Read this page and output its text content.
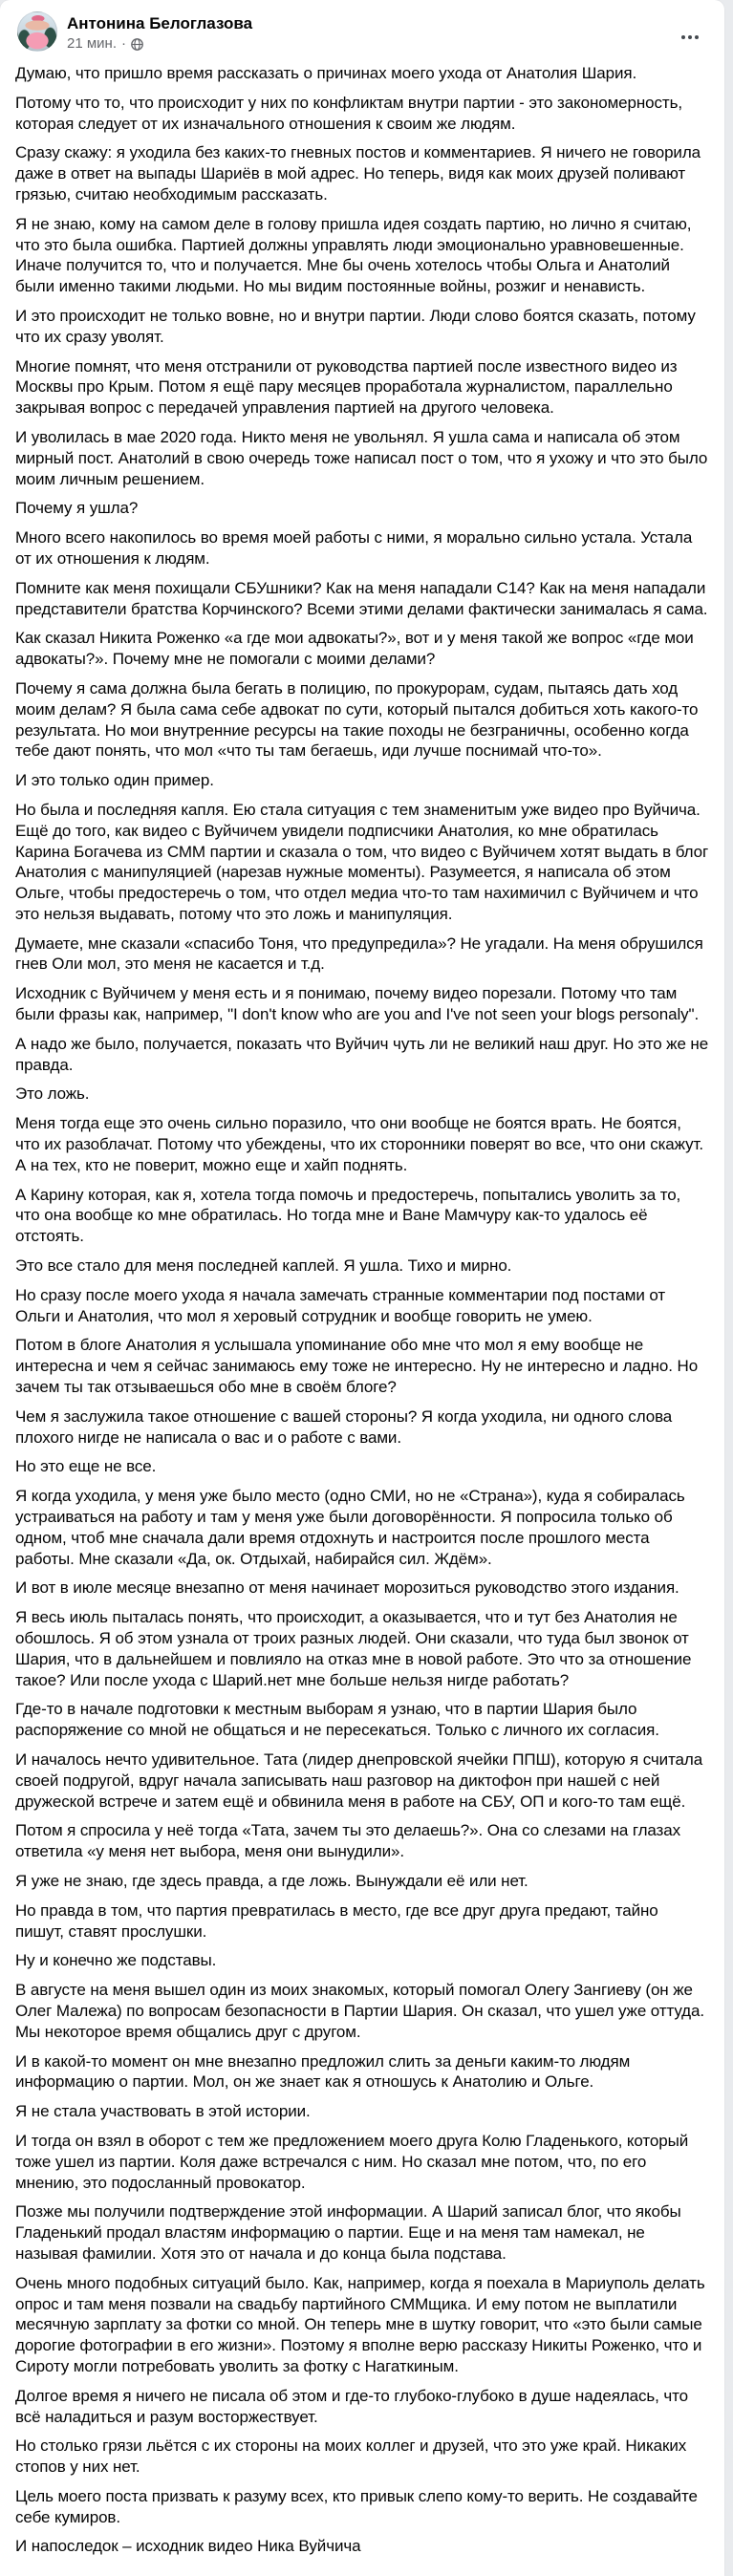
Антонина Белоглазова
21 мин. ·

Думаю, что пришло время рассказать о причинах моего ухода от Анатолия Шария.

Потому что то, что происходит у них по конфликтам внутри партии - это закономерность, которая следует от их изначального отношения к своим же людям.

Сразу скажу: я уходила без каких-то гневных постов и комментариев. Я ничего не говорила даже в ответ на выпады Шариёв в мой адрес. Но теперь, видя как моих друзей поливают грязью, считаю необходимым рассказать.

Я не знаю, кому на самом деле в голову пришла идея создать партию, но лично я считаю, что это была ошибка. Партией должны управлять люди эмоционально уравновешенные. Иначе получится то, что и получается. Мне бы очень хотелось чтобы Ольга и Анатолий были именно такими людьми. Но мы видим постоянные войны, розжиг и ненависть.

И это происходит не только вовне, но и внутри партии. Люди слово боятся сказать, потому что их сразу уволят.

Многие помнят, что меня отстранили от руководства партией после известного видео из Москвы про Крым. Потом я ещё пару месяцев проработала журналистом, параллельно закрывая вопрос с передачей управления партией на другого человека.

И уволилась в мае 2020 года. Никто меня не увольнял. Я ушла сама и написала об этом мирный пост. Анатолий в свою очередь тоже написал пост о том, что я ухожу и что это было моим личным решением.

Почему я ушла?

Много всего накопилось во время моей работы с ними, я морально сильно устала. Устала от их отношения к людям.

Помните как меня похищали СБУшники? Как на меня нападали С14? Как на меня нападали представители братства Корчинского? Всеми этими делами фактически занималась я сама.

Как сказал Никита Роженко «а где мои адвокаты?», вот и у меня такой же вопрос «где мои адвокаты?». Почему мне не помогали с моими делами?

Почему я сама должна была бегать в полицию, по прокурорам, судам, пытаясь дать ход моим делам? Я была сама себе адвокат по сути, который пытался добиться хоть какого-то результата. Но мои внутренние ресурсы на такие походы не безграничны, особенно когда тебе дают понять, что мол «что ты там бегаешь, иди лучше поснимай что-то».

И это только один пример.

Но была и последняя капля. Ею стала ситуация с тем знаменитым уже видео про Вуйчича. Ещё до того, как видео с Вуйчичем увидели подписчики Анатолия, ко мне обратилась Карина Богачева из СММ партии и сказала о том, что видео с Вуйчичем хотят выдать в блог Анатолия с манипуляцией (нарезав нужные моменты). Разумеется, я написала об этом Ольге, чтобы предостеречь о том, что отдел медиа что-то там нахимичил с Вуйчичем и что это нельзя выдавать, потому что это ложь и манипуляция.

Думаете, мне сказали «спасибо Тоня, что предупредила»? Не угадали. На меня обрушился гнев Оли мол, это меня не касается и т.д.

Исходник с Вуйчичем у меня есть и я понимаю, почему видео порезали. Потому что там были фразы как, например, "I don't know who are you and I've not seen your blogs personaly".

А надо же было, получается, показать что Вуйчич чуть ли не великий наш друг. Но это же не правда.

Это ложь.

Меня тогда еще это очень сильно поразило, что они вообще не боятся врать. Не боятся, что их разоблачат. Потому что убеждены, что их сторонники поверят во все, что они скажут. А на тех, кто не поверит, можно еще и хайп поднять.

А Карину которая, как я, хотела тогда помочь и предостеречь, попытались уволить за то, что она вообще ко мне обратилась. Но тогда мне и Ване Мамчуру как-то удалось её отстоять.

Это все стало для меня последней каплей. Я ушла. Тихо и мирно.

Но сразу после моего ухода я начала замечать странные комментарии под постами от Ольги и Анатолия, что мол я херовый сотрудник и вообще говорить не умею.

Потом в блоге Анатолия я услышала упоминание обо мне что мол я ему вообще не интересна и чем я сейчас занимаюсь ему тоже не интересно. Ну не интересно и ладно. Но зачем ты так отзываешься обо мне в своём блоге?

Чем я заслужила такое отношение с вашей стороны? Я когда уходила, ни одного слова плохого нигде не написала о вас и о работе с вами.

Но это еще не все.

Я когда уходила, у меня уже было место (одно СМИ, но не «Страна»), куда я собиралась устраиваться на работу и там у меня уже были договорённости. Я попросила только об одном, чтоб мне сначала дали время отдохнуть и настроится после прошлого места работы. Мне сказали «Да, ок. Отдыхай, набирайся сил. Ждём».

И вот в июле месяце внезапно от меня начинает морозиться руководство этого издания.

Я весь июль пыталась понять, что происходит, а оказывается, что и тут без Анатолия не обошлось. Я об этом узнала от троих разных людей. Они сказали, что туда был звонок от Шария, что в дальнейшем и повлияло на отказ мне в новой работе. Это что за отношение такое? Или после ухода с Шарий.нет мне больше нельзя нигде работать?

Где-то в начале подготовки к местным выборам я узнаю, что в партии Шария было распоряжение со мной не общаться и не пересекаться. Только с личного их согласия.

И началось нечто удивительное. Тата (лидер днепровской ячейки ППШ), которую я считала своей подругой, вдруг начала записывать наш разговор на диктофон при нашей с ней дружеской встрече и затем ещё и обвинила меня в работе на СБУ, ОП и кого-то там ещё.

Потом я спросила у неё тогда «Тата, зачем ты это делаешь?». Она со слезами на глазах ответила «у меня нет выбора, меня они вынудили».

Я уже не знаю, где здесь правда, а где ложь. Вынуждали её или нет.

Но правда в том, что партия превратилась в место, где все друг друга предают, тайно пишут, ставят прослушки.

Ну и конечно же подставы.

В августе на меня вышел один из моих знакомых, который помогал Олегу Зангиеву (он же Олег Малежа) по вопросам безопасности в Партии Шария. Он сказал, что ушел уже оттуда. Мы некоторое время общались друг с другом.

И в какой-то момент он мне внезапно предложил слить за деньги каким-то людям информацию о партии. Мол, он же знает как я отношусь к Анатолию и Ольге.

Я не стала участвовать в этой истории.

И тогда он взял в оборот с тем же предложением моего друга Колю Гладенького, который тоже ушел из партии. Коля даже встречался с ним. Но сказал мне потом, что, по его мнению, это подосланный провокатор.

Позже мы получили подтверждение этой информации. А Шарий записал блог, что якобы Гладенький продал властям информацию о партии. Еще и на меня там намекал, не называя фамилии. Хотя это от начала и до конца была подстава.

Очень много подобных ситуаций было. Как, например, когда я поехала в Мариуполь делать опрос и там меня позвали на свадьбу партийного СММщика. И ему потом не выплатили месячную зарплату за фотки со мной. Он теперь мне в шутку говорит, что «это были самые дорогие фотографии в его жизни». Поэтому я вполне верю рассказу Никиты Роженко, что и Сироту могли потребовать уволить за фотку с Нагаткиным.

Долгое время я ничего не писала об этом и где-то глубоко-глубоко в душе надеялась, что всё наладиться и разум восторжествует.

Но столько грязи льётся с их стороны на моих коллег и друзей, что это уже край. Никаких стопов у них нет.

Цель моего поста призвать к разуму всех, кто привык слепо кому-то верить. Не создавайте себе кумиров.

И напоследок – исходник видео Ника Вуйчича
